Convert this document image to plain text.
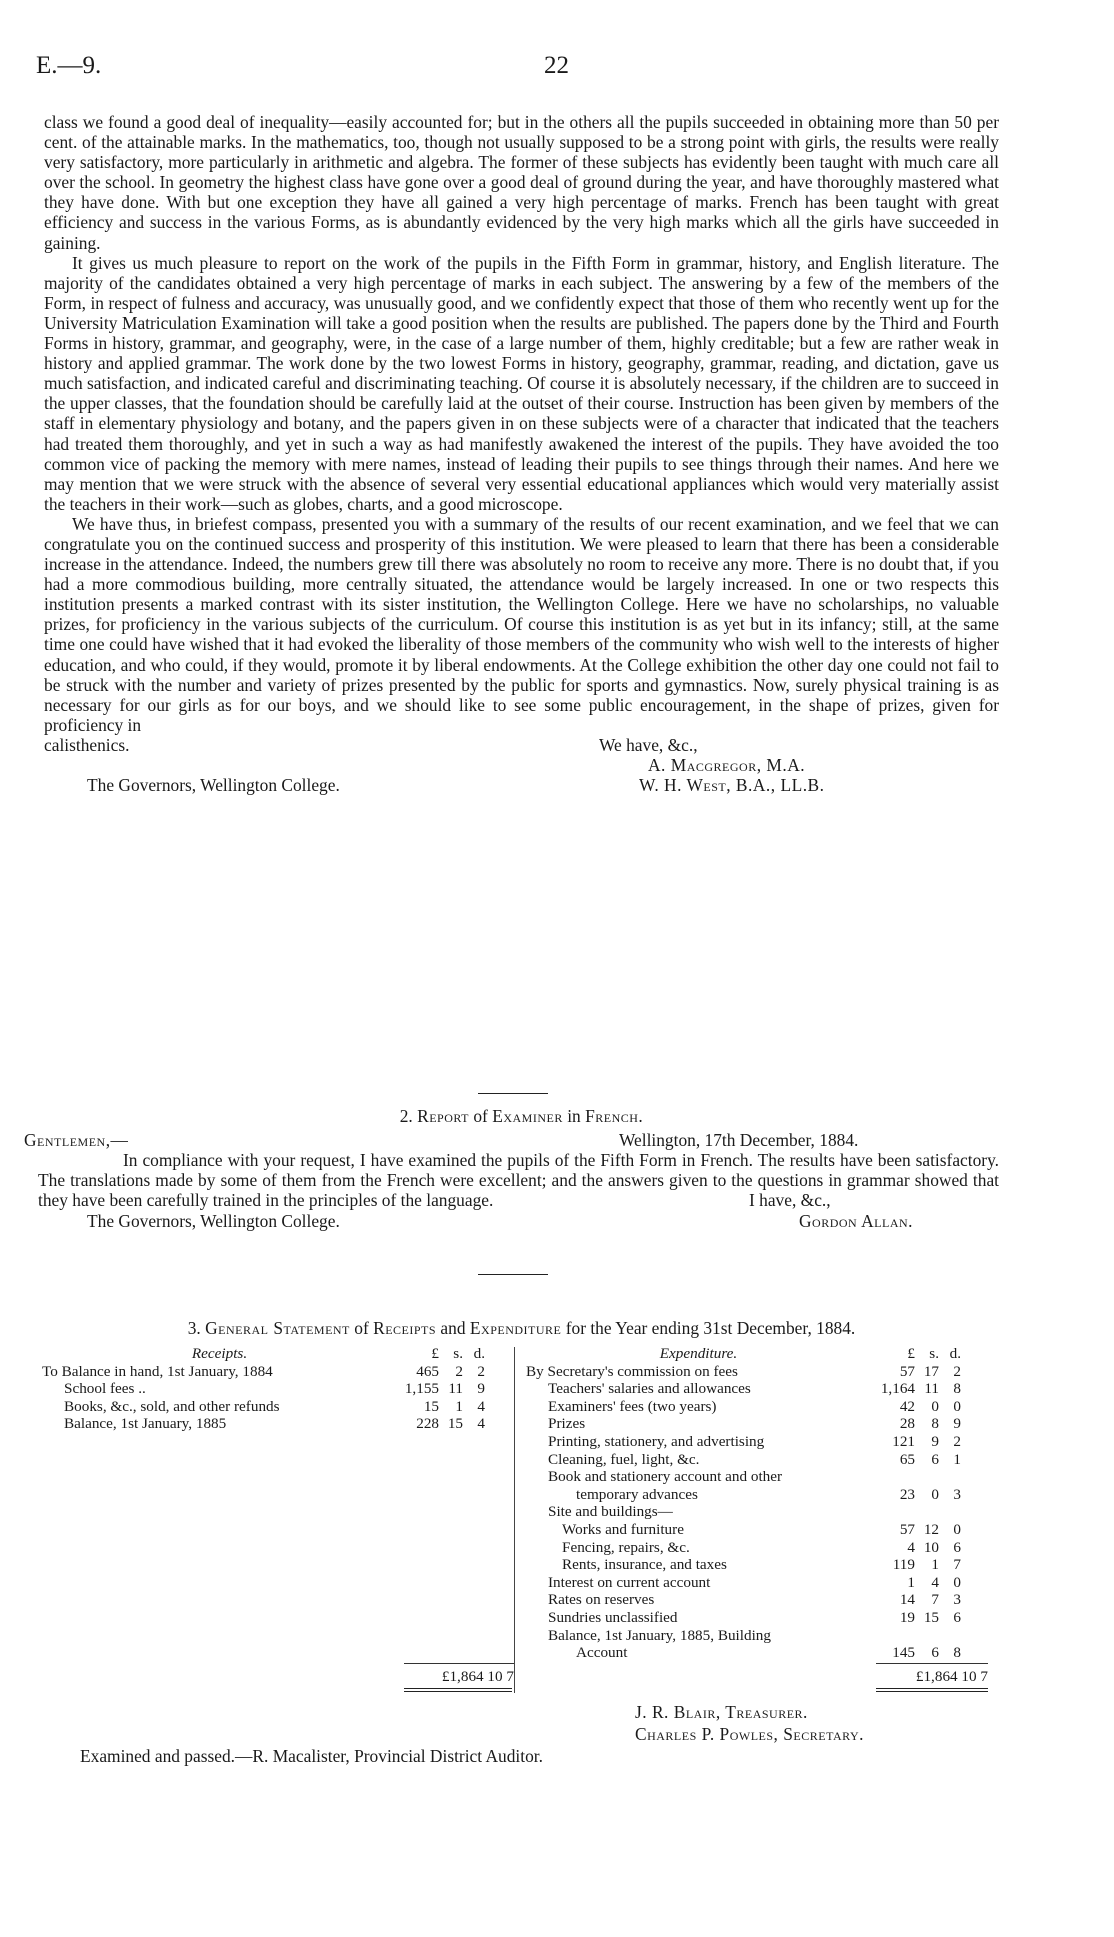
E.—9.	22

class we found a good deal of inequality—easily accounted for; but in the others all the pupils succeeded in obtaining more than 50 per cent. of the attainable marks. In the mathematics, too, though not usually supposed to be a strong point with girls, the results were really very satisfactory, more particularly in arithmetic and algebra. The former of these subjects has evidently been taught with much care all over the school. In geometry the highest class have gone over a good deal of ground during the year, and have thoroughly mastered what they have done. With but one exception they have all gained a very high percentage of marks. French has been taught with great efficiency and success in the various Forms, as is abundantly evidenced by the very high marks which all the girls have succeeded in gaining.

It gives us much pleasure to report on the work of the pupils in the Fifth Form in grammar, history, and English literature. The majority of the candidates obtained a very high percentage of marks in each subject. The answering by a few of the members of the Form, in respect of fulness and accuracy, was unusually good, and we confidently expect that those of them who recently went up for the University Matriculation Examination will take a good position when the results are published. The papers done by the Third and Fourth Forms in history, grammar, and geography, were, in the case of a large number of them, highly creditable; but a few are rather weak in history and applied grammar. The work done by the two lowest Forms in history, geography, grammar, reading, and dictation, gave us much satisfaction, and indicated careful and discriminating teaching. Of course it is absolutely necessary, if the children are to succeed in the upper classes, that the foundation should be carefully laid at the outset of their course. Instruction has been given by members of the staff in elementary physiology and botany, and the papers given in on these subjects were of a character that indicated that the teachers had treated them thoroughly, and yet in such a way as had manifestly awakened the interest of the pupils. They have avoided the too common vice of packing the memory with mere names, instead of leading their pupils to see things through their names. And here we may mention that we were struck with the absence of several very essential educational appliances which would very materially assist the teachers in their work—such as globes, charts, and a good microscope.

We have thus, in briefest compass, presented you with a summary of the results of our recent examination, and we feel that we can congratulate you on the continued success and prosperity of this institution. We were pleased to learn that there has been a considerable increase in the attendance. Indeed, the numbers grew till there was absolutely no room to receive any more. There is no doubt that, if you had a more commodious building, more centrally situated, the attendance would be largely increased. In one or two respects this institution presents a marked contrast with its sister institution, the Wellington College. Here we have no scholarships, no valuable prizes, for proficiency in the various subjects of the curriculum. Of course this institution is as yet but in its infancy; still, at the same time one could have wished that it had evoked the liberality of those members of the community who wish well to the interests of higher education, and who could, if they would, promote it by liberal endowments. At the College exhibition the other day one could not fail to be struck with the number and variety of prizes presented by the public for sports and gymnastics. Now, surely physical training is as necessary for our girls as for our boys, and we should like to see some public encouragement, in the shape of prizes, given for proficiency in

calisthenics.	We have, &c.,
A. Macgregor, M.A.
The Governors, Wellington College.	W. H. West, B.A., LL.B.
2. Report of Examiner in French.
Gentlemen,—	Wellington, 17th December, 1884.

In compliance with your request, I have examined the pupils of the Fifth Form in French. The results have been satisfactory. The translations made by some of them from the French were excellent; and the answers given to the questions in grammar showed that they have been carefully trained in the principles of the language.	I have, &c.,
The Governors, Wellington College.	Gordon Allan.
3. General Statement of Receipts and Expenditure for the Year ending 31st December, 1884.
Receipts.	£	s.	d.
To Balance in hand, 1st January, 1884	465	2	2
School fees ..	1,155	11	9
Books, &c., sold, and other refunds	15	1	4
Balance, 1st January, 1885	228	15	4
Expenditure.	£	s.	d.
By Secretary's commission on fees	57	17	2
Teachers' salaries and allowances	1,164	11	8
Examiners' fees (two years)	42	0	0
Prizes	28	8	9
Printing, stationery, and advertising	121	9	2
Cleaning, fuel, light, &c.	65	6	1
Book and stationery account and other			
temporary advances	23	0	3
Site and buildings—			
Works and furniture	57	12	0
Fencing, repairs, &c.	4	10	6
Rents, insurance, and taxes	119	1	7
Interest on current account	1	4	0
Rates on reserves	14	7	3
Sundries unclassified	19	15	6
Balance, 1st January, 1885, Building			
Account	145	6	8
£1,864 10 7	£1,864 10 7
J. R. Blair, Treasurer.
Charles P. Powles, Secretary.
Examined and passed.—R. Macalister, Provincial District Auditor.
